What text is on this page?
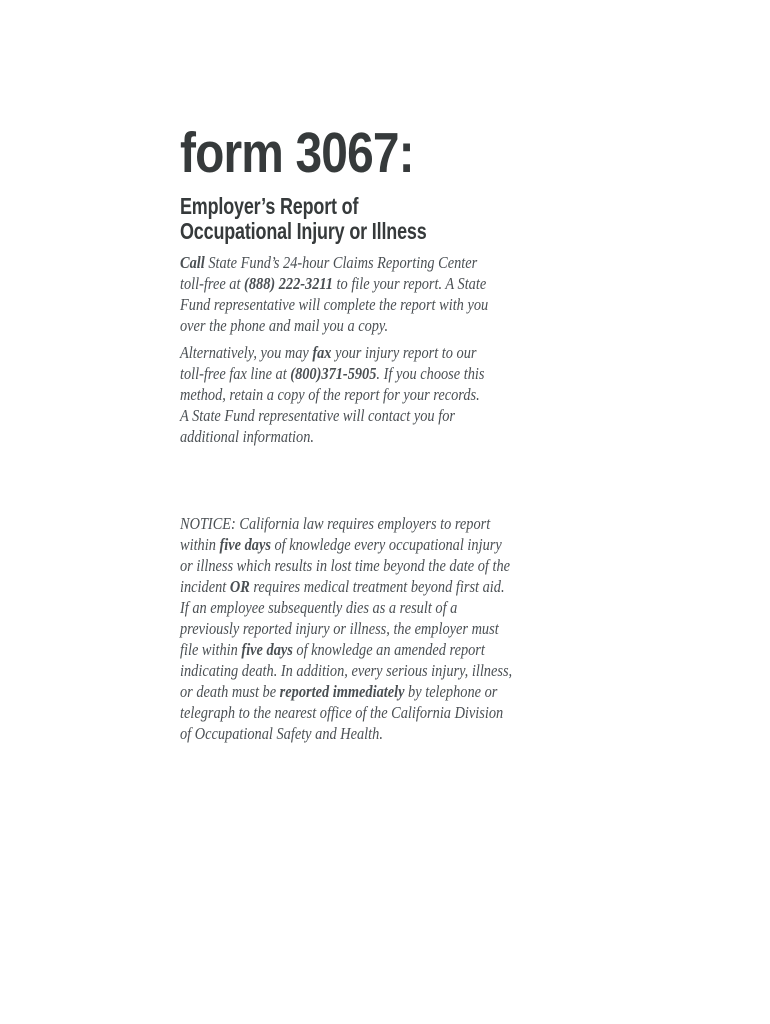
form 3067:
Employer’s Report of
Occupational Injury or Illness
Call State Fund’s 24-hour Claims Reporting Center
toll-free at (888) 222-3211 to file your report. A State
Fund representative will complete the report with you
over the phone and mail you a copy.
Alternatively, you may fax your injury report to our
toll-free fax line at (800)371-5905. If you choose this
method, retain a copy of the report for your records.
A State Fund representative will contact you for
additional information.
NOTICE: California law requires employers to report
within five days of knowledge every occupational injury
or illness which results in lost time beyond the date of the
incident OR requires medical treatment beyond first aid.
If an employee subsequently dies as a result of a
previously reported injury or illness, the employer must
file within five days of knowledge an amended report
indicating death. In addition, every serious injury, illness,
or death must be reported immediately by telephone or
telegraph to the nearest office of the California Division
of Occupational Safety and Health.
